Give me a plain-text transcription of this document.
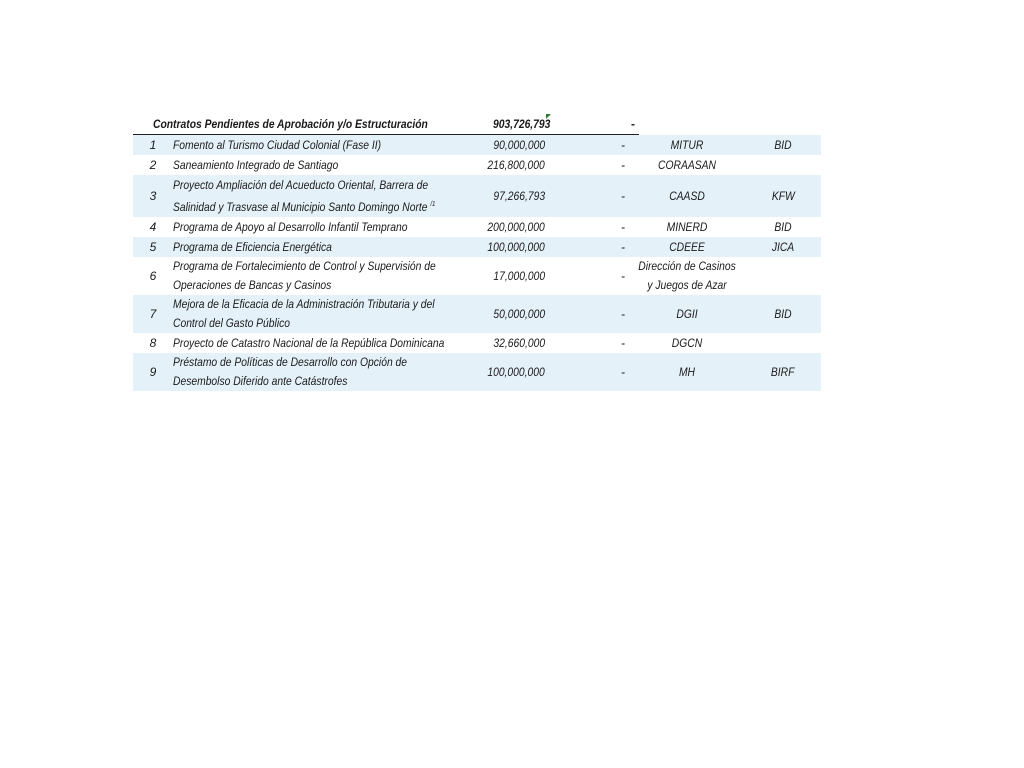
Contratos Pendientes de Aprobación y/o Estructuración	903,726,793	-
1	Fomento al Turismo Ciudad Colonial (Fase II)	90,000,000	-	MITUR	BID
2	Saneamiento Integrado de Santiago	216,800,000	-	CORAASAN	
3	Proyecto Ampliación del Acueducto Oriental, Barrera de Salinidad y Trasvase al Municipio Santo Domingo Norte $^{/1}$	97,266,793	-	CAASD	KFW
4	Programa de Apoyo al Desarrollo Infantil Temprano	200,000,000	-	MINERD	BID
5	Programa de Eficiencia Energética	100,000,000	-	CDEEE	JICA
6	Programa de Fortalecimiento de Control y Supervisión de Operaciones de Bancas y Casinos	17,000,000	-	Dirección de Casinos y Juegos de Azar	
7	Mejora de la Eficacia de la Administración Tributaria y del Control del Gasto Público	50,000,000	-	DGII	BID
8	Proyecto de Catastro Nacional de la República Dominicana	32,660,000	-	DGCN	
9	Préstamo de Políticas de Desarrollo con Opción de Desembolso Diferido ante Catástrofes	100,000,000	-	MH	BIRF
